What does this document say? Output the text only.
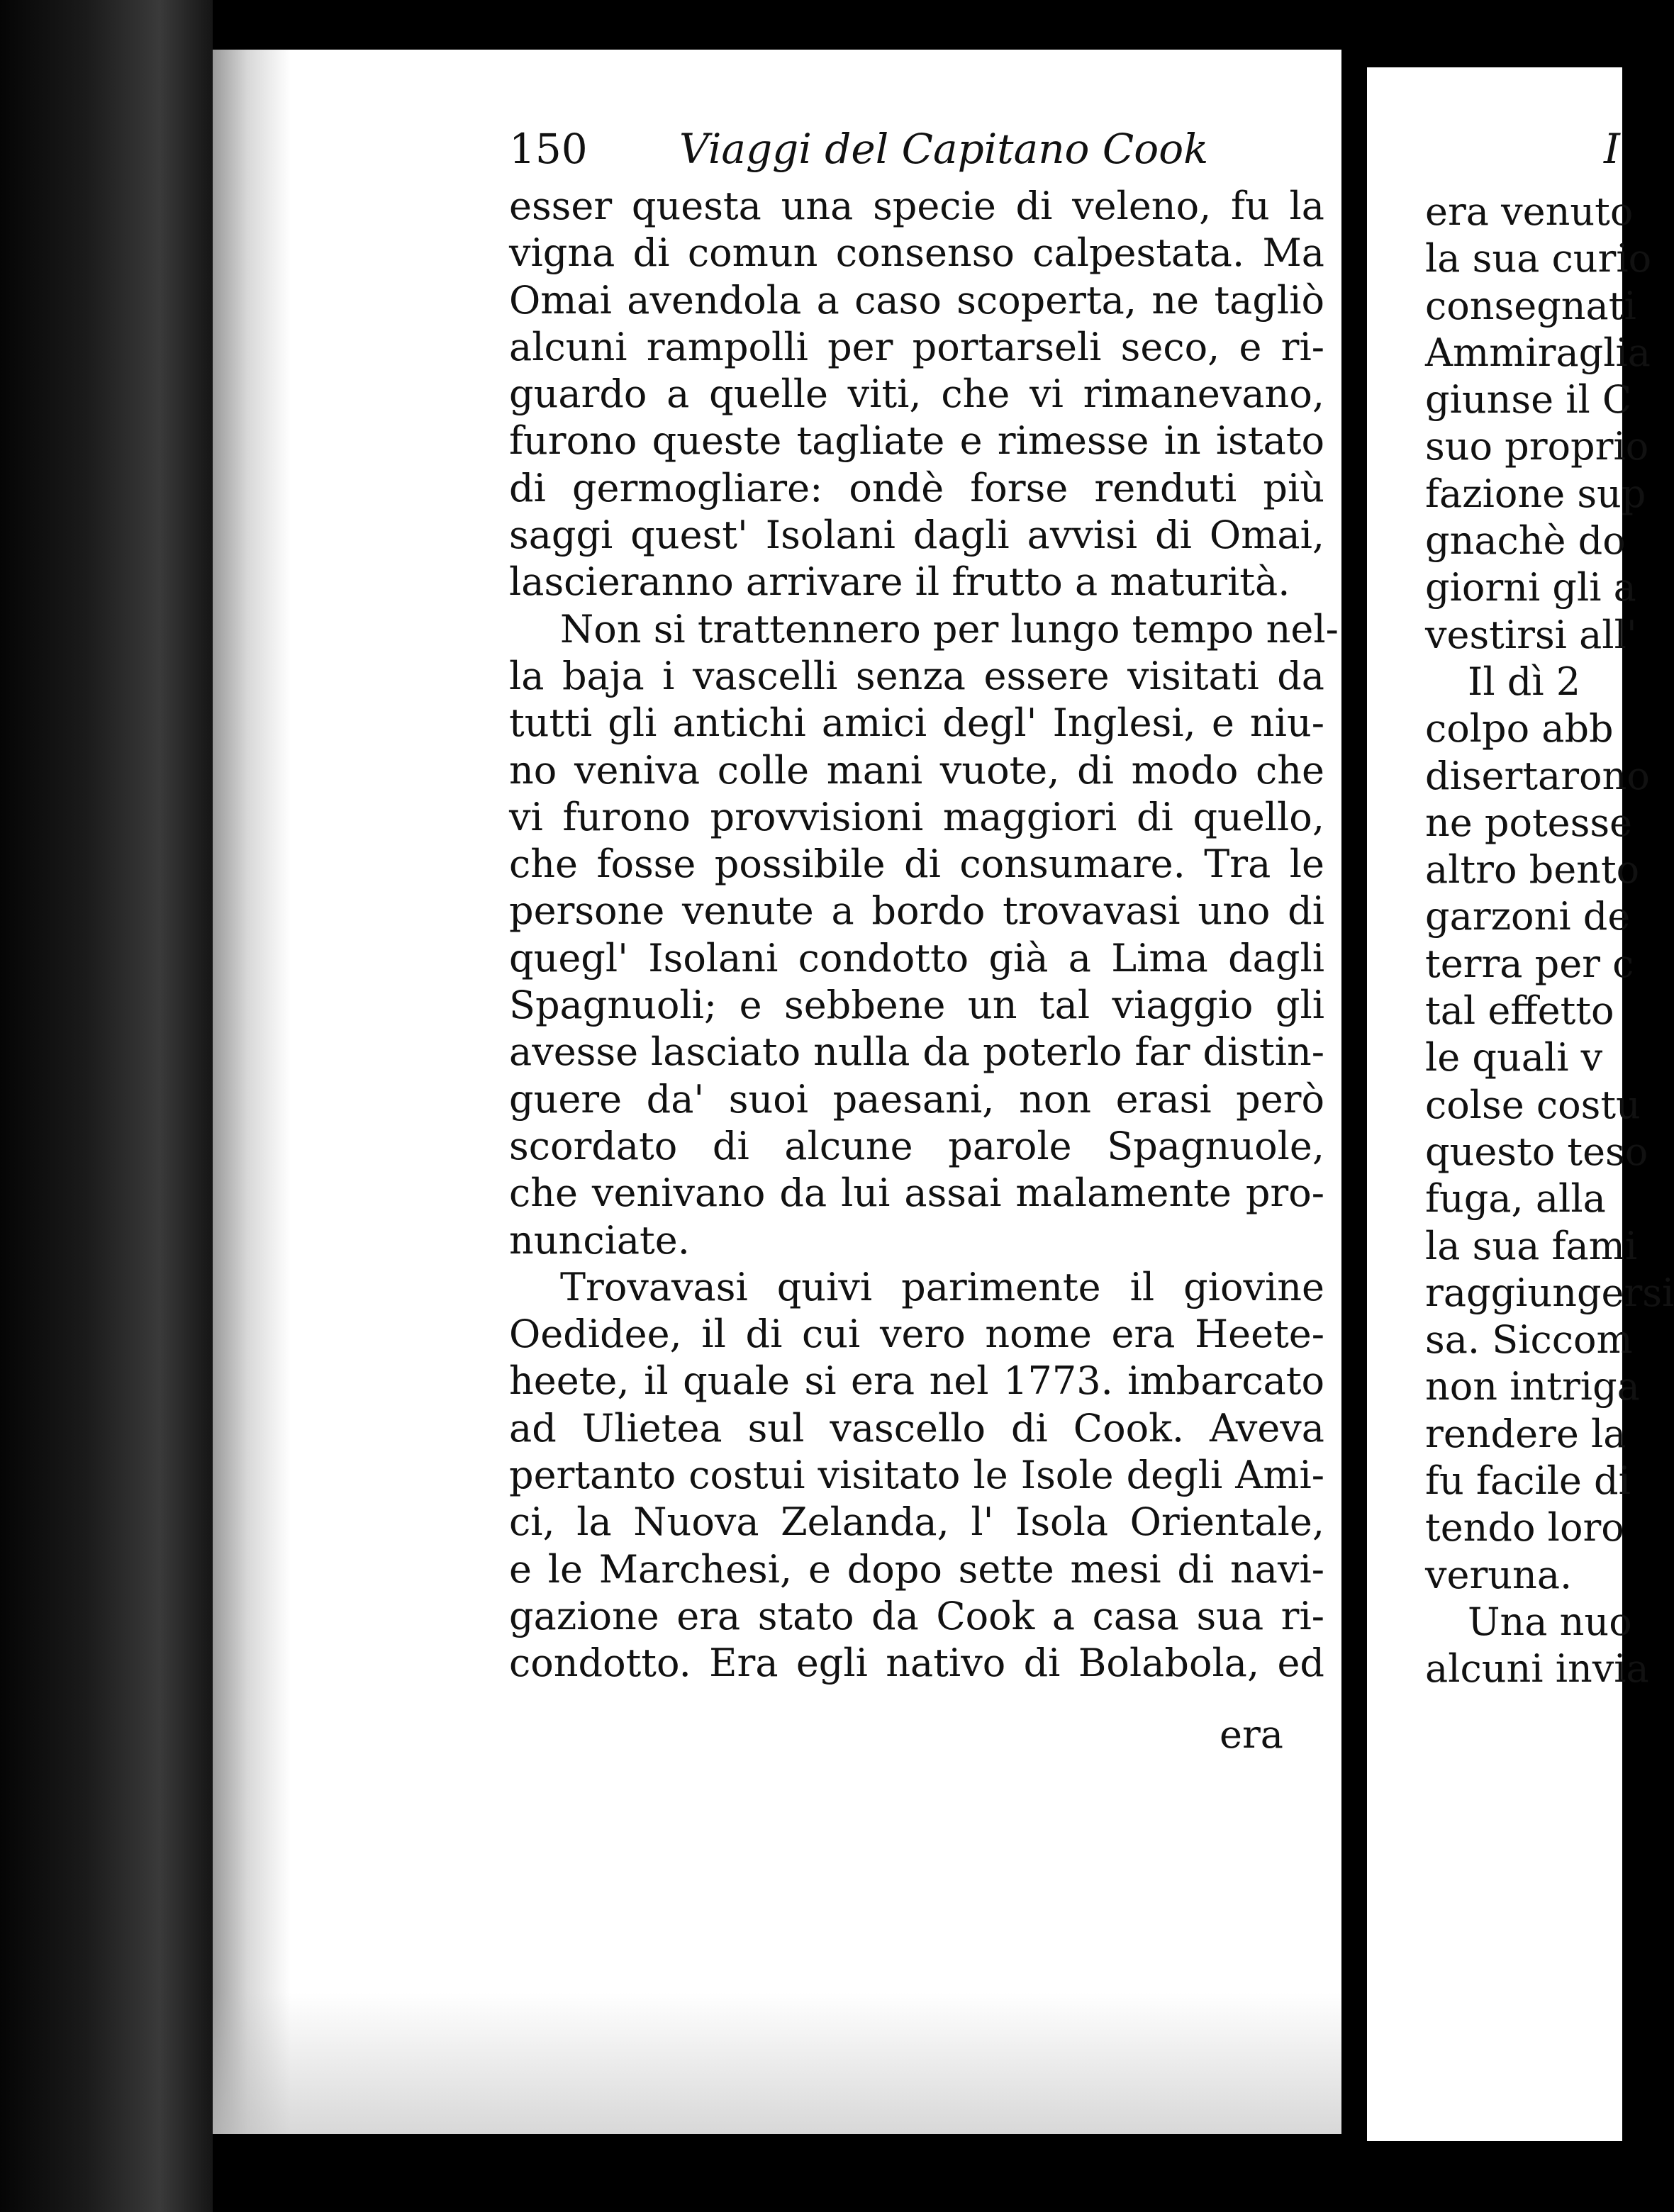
150 Viaggi del Capitano Cook
esser questa una specie di veleno, fu la
vigna di comun consenso calpestata. Ma
Omai avendola a caso scoperta, ne tagliò
alcuni rampolli per portarseli seco, e ri-
guardo a quelle viti, che vi rimanevano,
furono queste tagliate e rimesse in istato
di germogliare: ondè forse renduti più
saggi quest' Isolani dagli avvisi di Omai,
lascieranno arrivare il frutto a maturità.
Non si trattennero per lungo tempo nel-
la baja i vascelli senza essere visitati da
tutti gli antichi amici degl' Inglesi, e niu-
no veniva colle mani vuote, di modo che
vi furono provvisioni maggiori di quello,
che fosse possibile di consumare. Tra le
persone venute a bordo trovavasi uno di
quegl' Isolani condotto già a Lima dagli
Spagnuoli; e sebbene un tal viaggio gli
avesse lasciato nulla da poterlo far distin-
guere da' suoi paesani, non erasi però
scordato di alcune parole Spagnuole,
che venivano da lui assai malamente pro-
nunciate.
Trovavasi quivi parimente il giovine
Oedidee, il di cui vero nome era Heete-
heete, il quale si era nel 1773. imbarcato
ad Ulietea sul vascello di Cook. Aveva
pertanto costui visitato le Isole degli Ami-
ci, la Nuova Zelanda, l' Isola Orientale,
e le Marchesi, e dopo sette mesi di navi-
gazione era stato da Cook a casa sua ri-
condotto. Era egli nativo di Bolabola, ed
era
I
era venuto
la sua curio
consegnati
Ammiraglia
giunse il C
suo proprio
fazione sup
gnachè do
giorni gli a
vestirsi all'
Il dì 2
colpo abb
disertarono
ne potesse
altro bento
garzoni de
terra per c
tal effetto
le quali v
colse costu
questo teso
fuga, alla
la sua fami
raggiungersi
sa. Siccom
non intriga
rendere la
fu facile di
tendo loro
veruna.
Una nuo
alcuni invia
